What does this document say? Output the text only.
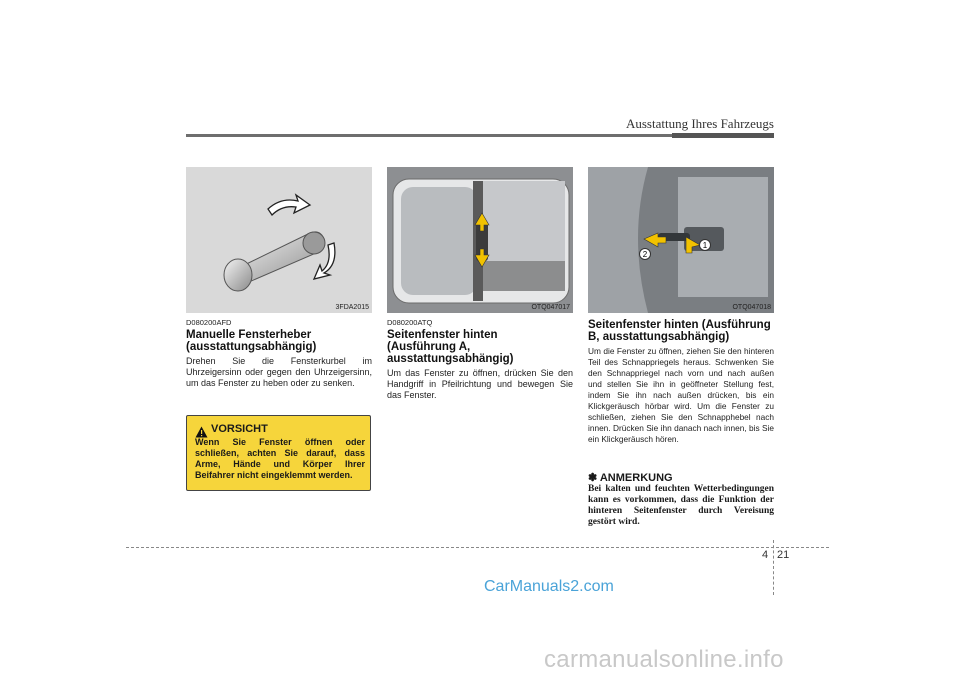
Ausstattung Ihres Fahrzeugs
3FDA2015
D080200AFD
Manuelle Fensterheber (ausstattungsabhängig)
Drehen Sie die Fensterkurbel im Uhrzeigersinn oder gegen den Uhrzeigersinn, um das Fenster zu heben oder zu senken.
VORSICHT
Wenn Sie Fenster öffnen oder schließen, achten Sie darauf, dass Arme, Hände und Körper Ihrer Beifahrer nicht eingeklemmt werden.
OTQ047017
D080200ATQ
Seitenfenster hinten (Ausführung A, ausstattungsabhängig)
Um das Fenster zu öffnen, drücken Sie den Handgriff in Pfeilrichtung und bewegen Sie das Fenster.
1
2
OTQ047018
Seitenfenster hinten (Ausführung B, ausstattungsabhängig)
Um die Fenster zu öffnen, ziehen Sie den hinteren Teil des Schnappriegels heraus. Schwenken Sie den Schnappriegel nach vorn und nach außen und stellen Sie ihn in geöffneter Stellung fest, indem Sie ihn nach außen drücken, bis ein Klickgeräusch hörbar wird. Um die Fenster zu schließen, ziehen Sie den Schnapphebel nach innen. Drücken Sie ihn danach nach innen, bis Sie ein Klickgeräusch hören.
✽ ANMERKUNG
Bei kalten und feuchten Wetterbedingungen kann es vorkommen, dass die Funktion der hinteren Seitenfenster durch Vereisung gestört wird.
4 21
CarManuals2.com
carmanualsonline.info
